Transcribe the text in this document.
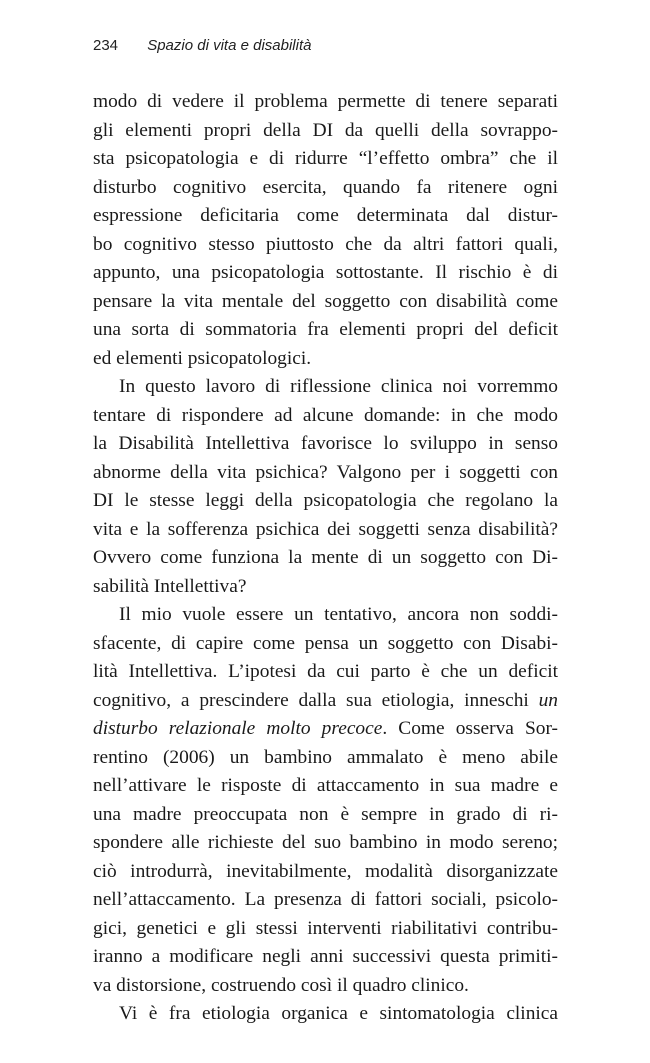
234 Spazio di vita e disabilità
modo di vedere il problema permette di tenere separati
gli elementi propri della DI da quelli della sovrappo-
sta psicopatologia e di ridurre “l’effetto ombra” che il
disturbo cognitivo esercita, quando fa ritenere ogni
espressione deficitaria come determinata dal distur-
bo cognitivo stesso piuttosto che da altri fattori quali,
appunto, una psicopatologia sottostante. Il rischio è di
pensare la vita mentale del soggetto con disabilità come
una sorta di sommatoria fra elementi propri del deficit
ed elementi psicopatologici.
In questo lavoro di riflessione clinica noi vorremmo
tentare di rispondere ad alcune domande: in che modo
la Disabilità Intellettiva favorisce lo sviluppo in senso
abnorme della vita psichica? Valgono per i soggetti con
DI le stesse leggi della psicopatologia che regolano la
vita e la sofferenza psichica dei soggetti senza disabilità?
Ovvero come funziona la mente di un soggetto con Di-
sabilità Intellettiva?
Il mio vuole essere un tentativo, ancora non soddi-
sfacente, di capire come pensa un soggetto con Disabi-
lità Intellettiva. L’ipotesi da cui parto è che un deficit
cognitivo, a prescindere dalla sua etiologia, inneschi un
disturbo relazionale molto precoce. Come osserva Sor-
rentino (2006) un bambino ammalato è meno abile
nell’attivare le risposte di attaccamento in sua madre e
una madre preoccupata non è sempre in grado di ri-
spondere alle richieste del suo bambino in modo sereno;
ciò introdurrà, inevitabilmente, modalità disorganizzate
nell’attaccamento. La presenza di fattori sociali, psicolo-
gici, genetici e gli stessi interventi riabilitativi contribu-
iranno a modificare negli anni successivi questa primiti-
va distorsione, costruendo così il quadro clinico.
Vi è fra etiologia organica e sintomatologia clinica
